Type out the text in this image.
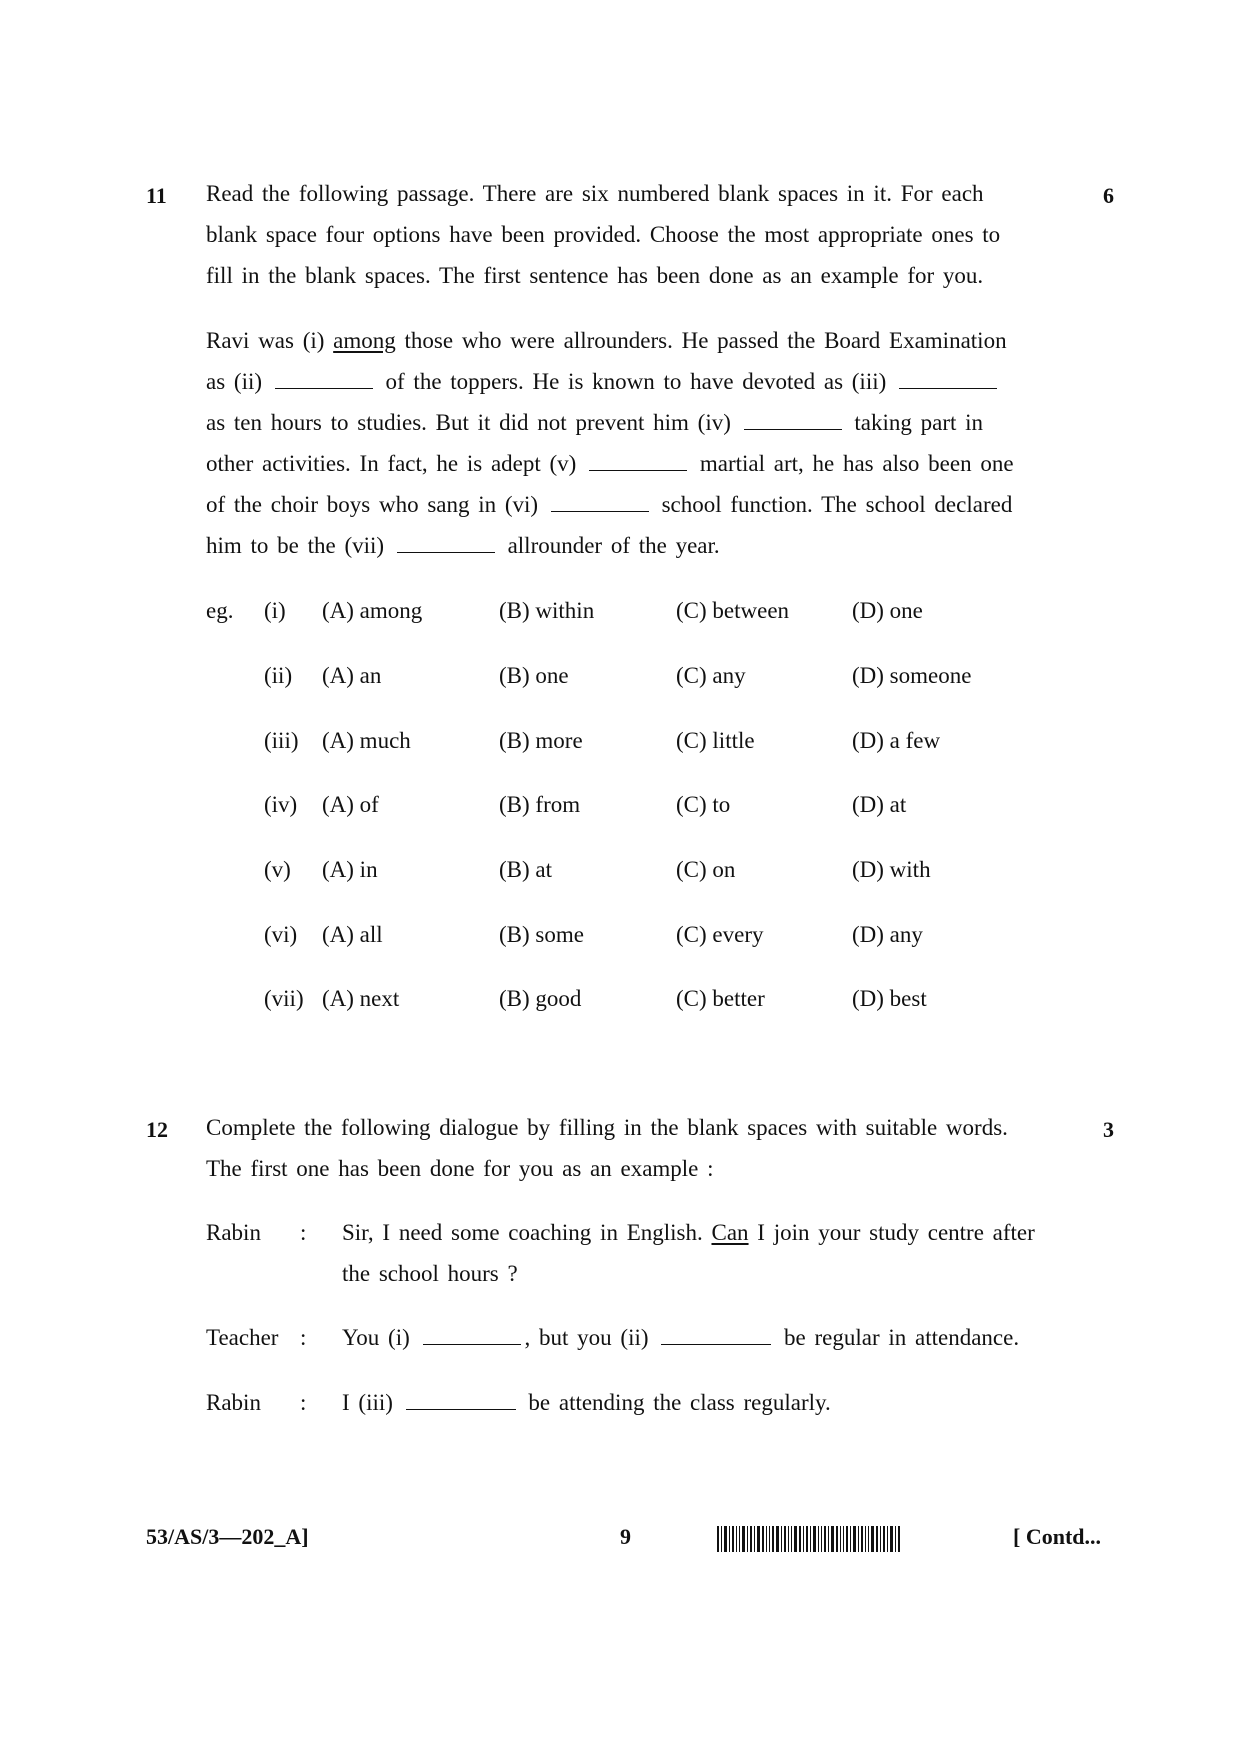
11	6
Read the following passage. There are six numbered blank spaces in it. For each
blank space four options have been provided. Choose the most appropriate ones to
fill in the blank spaces. The first sentence has been done as an example for you.
Ravi was (i) among those who were allrounders. He passed the Board Examination
as (ii)	of the toppers. He is known to have devoted as (iii)
as ten hours to studies. But it did not prevent him (iv)	taking part in
other activities. In fact, he is adept (v)	martial art, he has also been one
of the choir boys who sang in (vi)	school function. The school declared
him to be the (vii)	allrounder of the year.
eg. (i) (A) among	(B) within	(C) between	(D) one
(ii) (A) an	(B) one	(C) any	(D) someone
(iii) (A) much	(B) more	(C) little	(D) a few
(iv) (A) of	(B) from	(C) to	(D) at
(v) (A) in	(B) at	(C) on	(D) with
(vi) (A) all	(B) some	(C) every	(D) any
(vii) (A) next	(B) good	(C) better	(D) best
12	3
Complete the following dialogue by filling in the blank spaces with suitable words.
The first one has been done for you as an example :
Rabin : Sir, I need some coaching in English. Can I join your study centre after
the school hours ?
Teacher : You (i)	, but you (ii)	be regular in attendance.
Rabin : I (iii)	be attending the class regularly.
53/AS/3—202_A]	9	[ Contd...
